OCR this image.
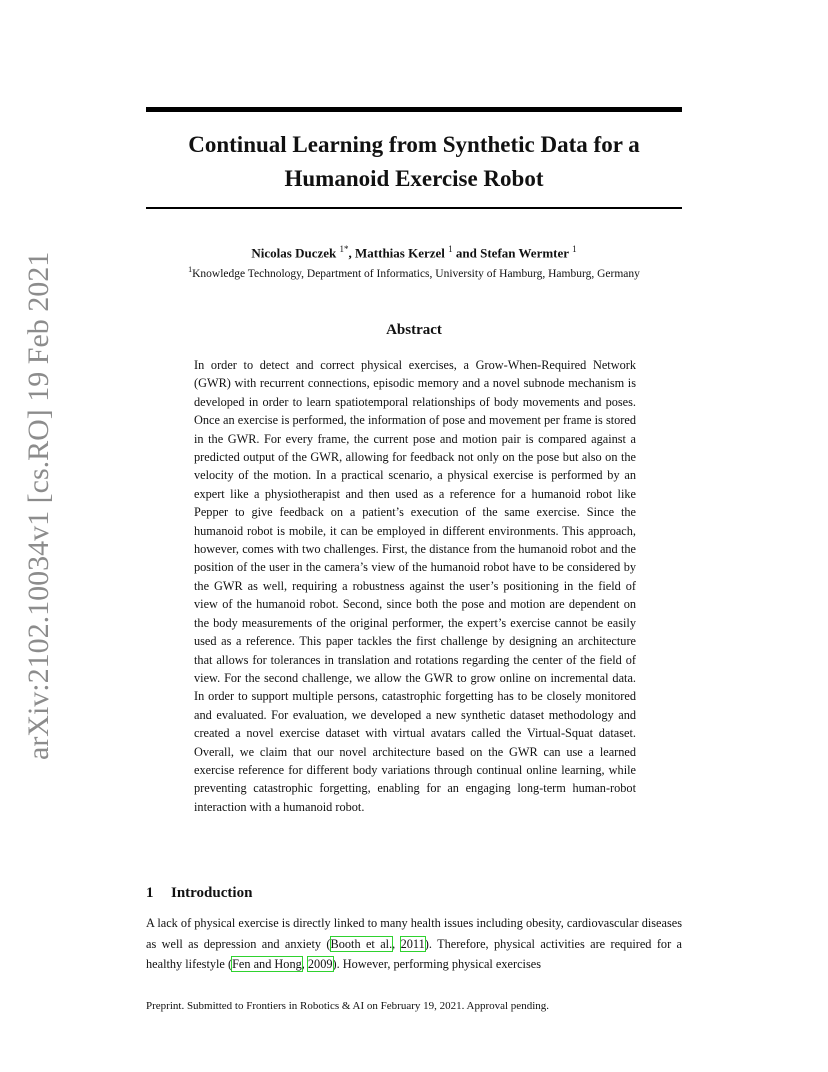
arXiv:2102.10034v1 [cs.RO] 19 Feb 2021
Continual Learning from Synthetic Data for a
Humanoid Exercise Robot
Nicolas Duczek $^{1*}$, Matthias Kerzel $^1$ and Stefan Wermter $^1$
$^1$Knowledge Technology, Department of Informatics, University of Hamburg, Hamburg, Germany
Abstract

In order to detect and correct physical exercises, a Grow-When-Required Network (GWR) with recurrent connections, episodic memory and a novel subnode mechanism is developed in order to learn spatiotemporal relationships of body movements and poses. Once an exercise is performed, the information of pose and movement per frame is stored in the GWR. For every frame, the current pose and motion pair is compared against a predicted output of the GWR, allowing for feedback not only on the pose but also on the velocity of the motion. In a practical scenario, a physical exercise is performed by an expert like a physiotherapist and then used as a reference for a humanoid robot like Pepper to give feedback on a patient’s execution of the same exercise. Since the humanoid robot is mobile, it can be employed in different environments. This approach, however, comes with two challenges. First, the distance from the humanoid robot and the position of the user in the camera’s view of the humanoid robot have to be considered by the GWR as well, requiring a robustness against the user’s positioning in the field of view of the humanoid robot. Second, since both the pose and motion are dependent on the body measurements of the original performer, the expert’s exercise cannot be easily used as a reference. This paper tackles the first challenge by designing an architecture that allows for tolerances in translation and rotations regarding the center of the field of view. For the second challenge, we allow the GWR to grow online on incremental data. In order to support multiple persons, catastrophic forgetting has to be closely monitored and evaluated. For evaluation, we developed a new synthetic dataset methodology and created a novel exercise dataset with virtual avatars called the Virtual-Squat dataset. Overall, we claim that our novel architecture based on the GWR can use a learned exercise reference for different body variations through continual online learning, while preventing catastrophic forgetting, enabling for an engaging long-term human-robot interaction with a humanoid robot.

1 Introduction

A lack of physical exercise is directly linked to many health issues including obesity, cardiovascular diseases as well as depression and anxiety (Booth et al., 2011). Therefore, physical activities are required for a healthy lifestyle (Fen and Hong, 2009). However, performing physical exercises

Preprint. Submitted to Frontiers in Robotics & AI on February 19, 2021. Approval pending.
